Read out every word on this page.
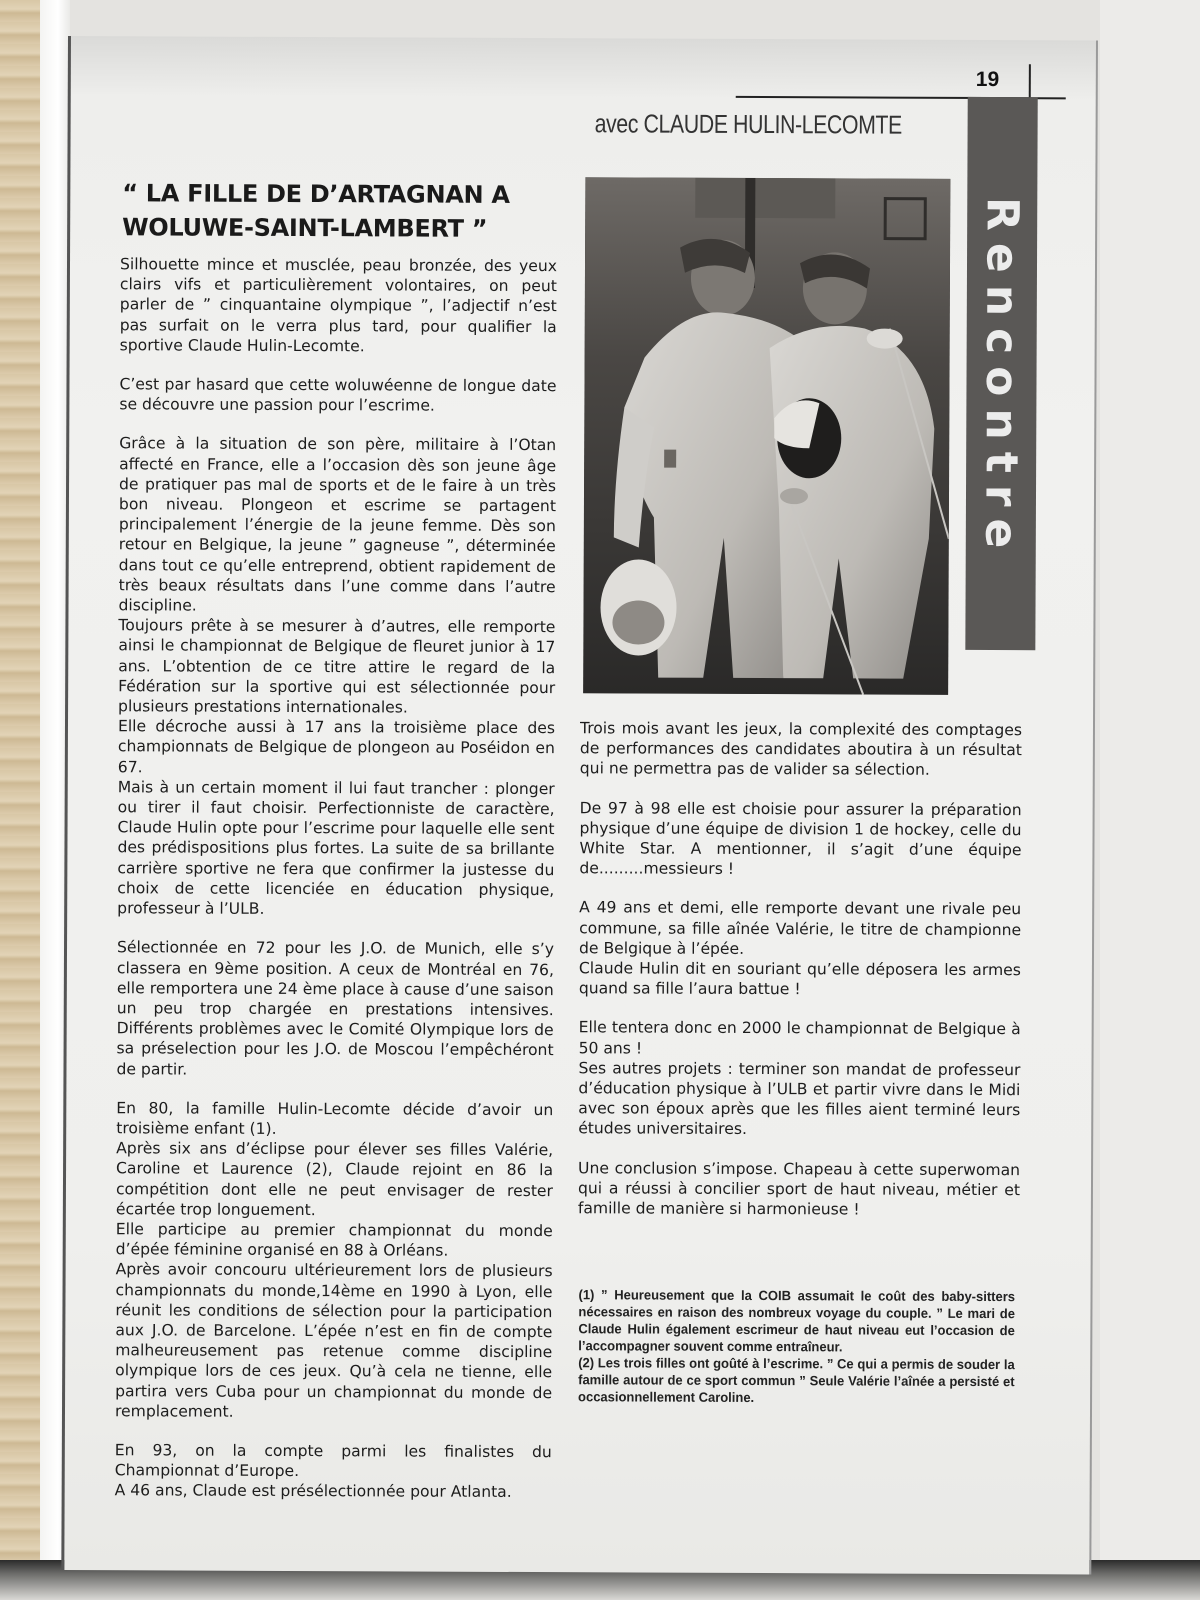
19
avec CLAUDE HULIN-LECOMTE
Rencontre
“ LA FILLE DE D’ARTAGNAN A
WOLUWE-SAINT-LAMBERT ”

Silhouette mince et musclée, peau bronzée, des yeux clairs vifs et particulièrement volontaires, on peut parler de ” cinquantaine olympique ”, l’adjectif n’est pas surfait on le verra plus tard, pour qualifier la sportive Claude Hulin-Lecomte.

C’est par hasard que cette woluwéenne de longue date se découvre une passion pour l’escrime.

Grâce à la situation de son père, militaire à l’Otan affecté en France, elle a l’occasion dès son jeune âge de pratiquer pas mal de sports et de le faire à un très bon niveau. Plongeon et escrime se partagent principalement l’énergie de la jeune femme. Dès son retour en Belgique, la jeune ” gagneuse ”, déterminée dans tout ce qu’elle entreprend, obtient rapidement de très beaux résultats dans l’une comme dans l’autre discipline.

Toujours prête à se mesurer à d’autres, elle remporte ainsi le championnat de Belgique de fleuret junior à 17 ans. L’obtention de ce titre attire le regard de la Fédération sur la sportive qui est sélectionnée pour plusieurs prestations internationales.

Elle décroche aussi à 17 ans la troisième place des championnats de Belgique de plongeon au Poséidon en 67.

Mais à un certain moment il lui faut trancher : plonger ou tirer il faut choisir. Perfectionniste de caractère, Claude Hulin opte pour l’escrime pour laquelle elle sent des prédispositions plus fortes. La suite de sa brillante carrière sportive ne fera que confirmer la justesse du choix de cette licenciée en éducation physique, professeur à l’ULB.

Sélectionnée en 72 pour les J.O. de Munich, elle s’y classera en 9ème position. A ceux de Montréal en 76, elle remportera une 24 ème place à cause d’une saison un peu trop chargée en prestations intensives. Différents problèmes avec le Comité Olympique lors de sa préselection pour les J.O. de Moscou l’empêchéront de partir.

En 80, la famille Hulin-Lecomte décide d’avoir un troisième enfant (1).

Après six ans d’éclipse pour élever ses filles Valérie, Caroline et Laurence (2), Claude rejoint en 86 la compétition dont elle ne peut envisager de rester écartée trop longuement.

Elle participe au premier championnat du monde d’épée féminine organisé en 88 à Orléans.

Après avoir concouru ultérieurement lors de plusieurs championnats du monde,14ème en 1990 à Lyon, elle réunit les conditions de sélection pour la participation aux J.O. de Barcelone. L’épée n’est en fin de compte malheureusement pas retenue comme discipline olympique lors de ces jeux. Qu’à cela ne tienne, elle partira vers Cuba pour un championnat du monde de remplacement.

En 93, on la compte parmi les finalistes du Championnat d’Europe.

A 46 ans, Claude est présélectionnée pour Atlanta.

Trois mois avant les jeux, la complexité des comptages de performances des candidates aboutira à un résultat qui ne permettra pas de valider sa sélection.

De 97 à 98 elle est choisie pour assurer la préparation physique d’une équipe de division 1 de hockey, celle du White Star. A mentionner, il s’agit d’une équipe de.........messieurs !

A 49 ans et demi, elle remporte devant une rivale peu commune, sa fille aînée Valérie, le titre de championne de Belgique à l’épée.

Claude Hulin dit en souriant qu’elle déposera les armes quand sa fille l’aura battue !

Elle tentera donc en 2000 le championnat de Belgique à 50 ans !

Ses autres projets : terminer son mandat de professeur d’éducation physique à l’ULB et partir vivre dans le Midi avec son époux après que les filles aient terminé leurs études universitaires.

Une conclusion s’impose. Chapeau à cette superwoman qui a réussi à concilier sport de haut niveau, métier et famille de manière si harmonieuse !

(1) ” Heureusement que la COIB assumait le coût des baby-sitters nécessaires en raison des nombreux voyage du couple. ” Le mari de Claude Hulin également escrimeur de haut niveau eut l’occasion de l’accompagner souvent comme entraîneur.

(2) Les trois filles ont goûté à l’escrime. ” Ce qui a permis de souder la famille autour de ce sport commun ” Seule Valérie l’aînée a persisté et occasionnellement Caroline.
